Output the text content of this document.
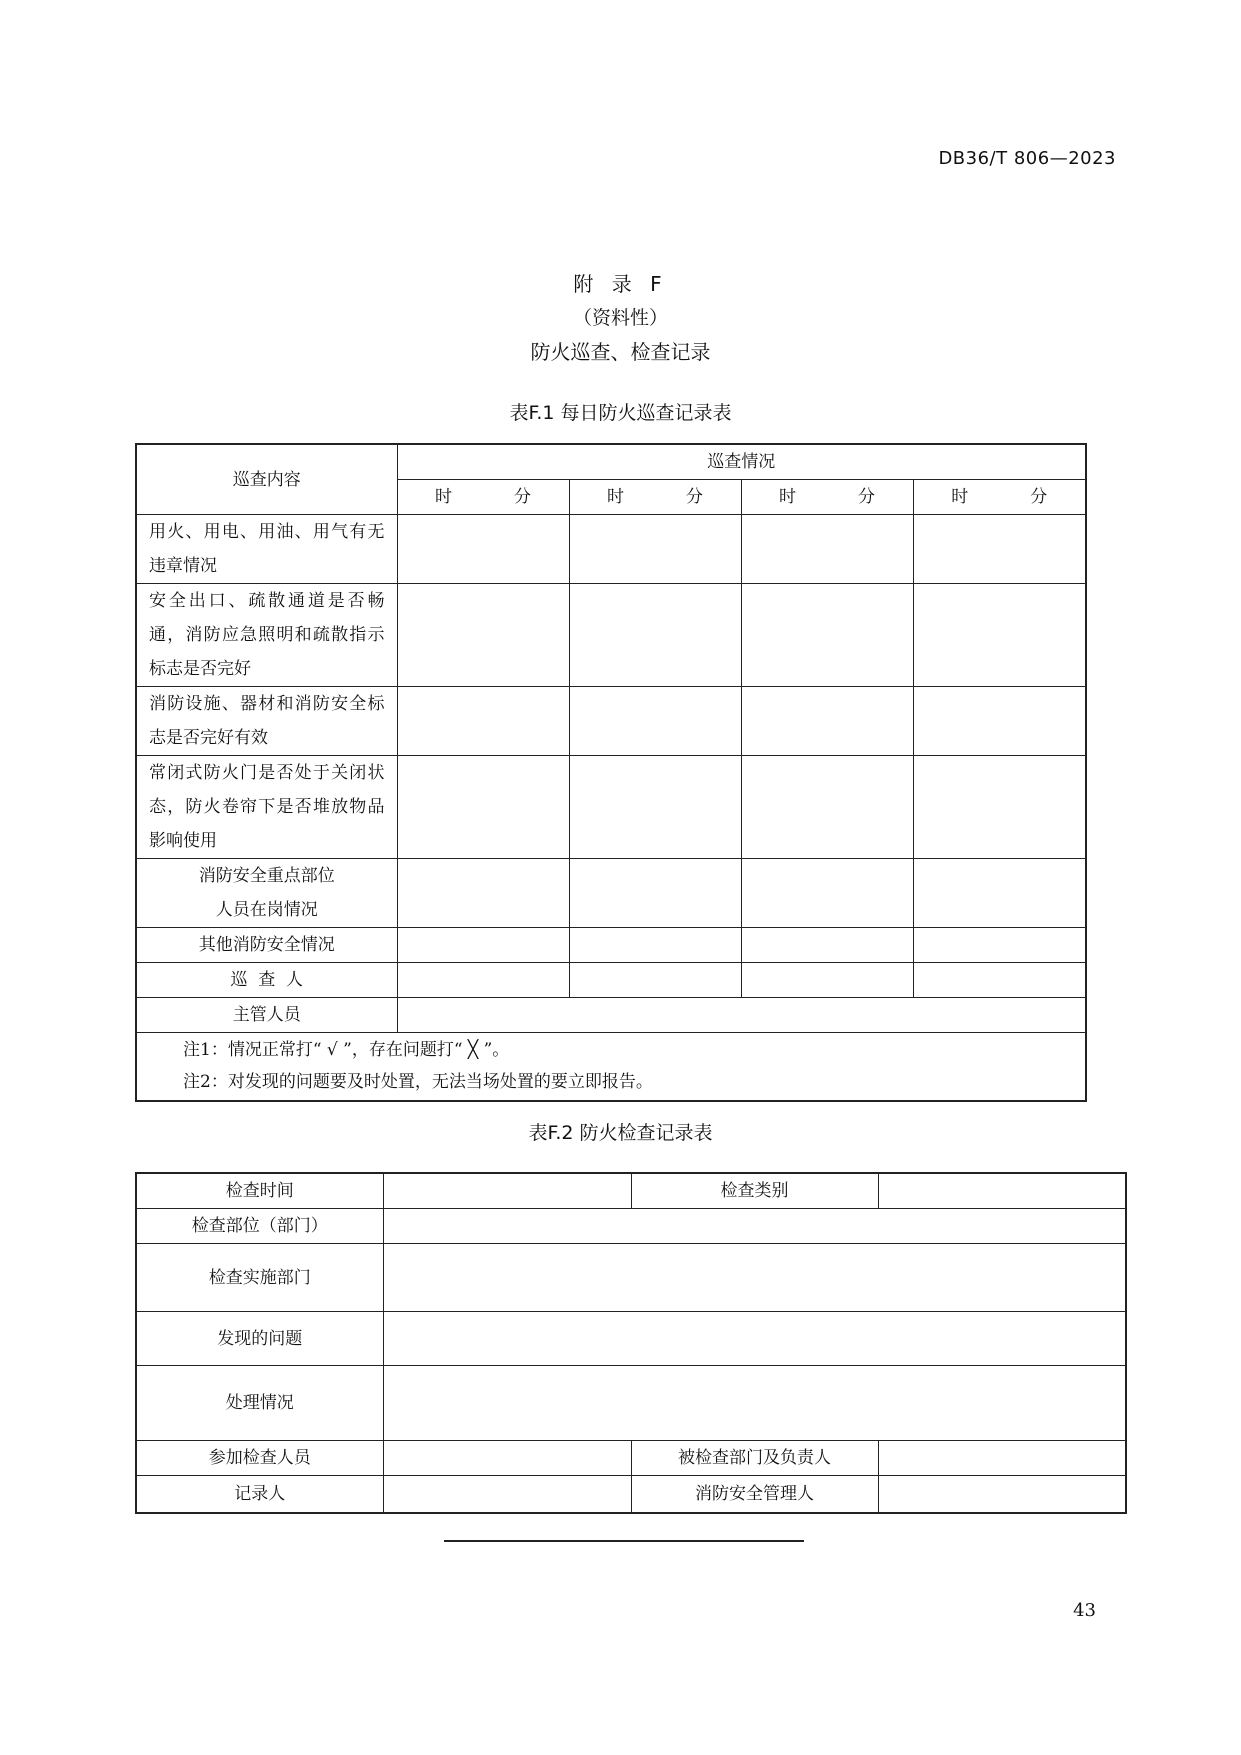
DB36/T 806—2023
附 录 F
（资料性）
防火巡查、检查记录
表F.1 每日防火巡查记录表
巡查内容	巡查情况			
	时 分	时 分	时 分	时 分
用火、用电、用油、用气有无违章情况				
安全出口、疏散通道是否畅通，消防应急照明和疏散指示标志是否完好				
消防设施、器材和消防安全标志是否完好有效				
常闭式防火门是否处于关闭状态，防火卷帘下是否堆放物品影响使用				

消防安全重点部位
人员在岗情况				

其他消防安全情况				
巡  查  人				
主管人员				

注1：情况正常打“ √ ”，存在问题打“ ╳ ”。
注2：对发现的问题要及时处置，无法当场处置的要立即报告。				
表F.2 防火检查记录表
检查时间		检查类别	
检查部位（部门）			
检查实施部门			
发现的问题			
处理情况			
参加检查人员		被检查部门及负责人	
记录人		消防安全管理人	
43
